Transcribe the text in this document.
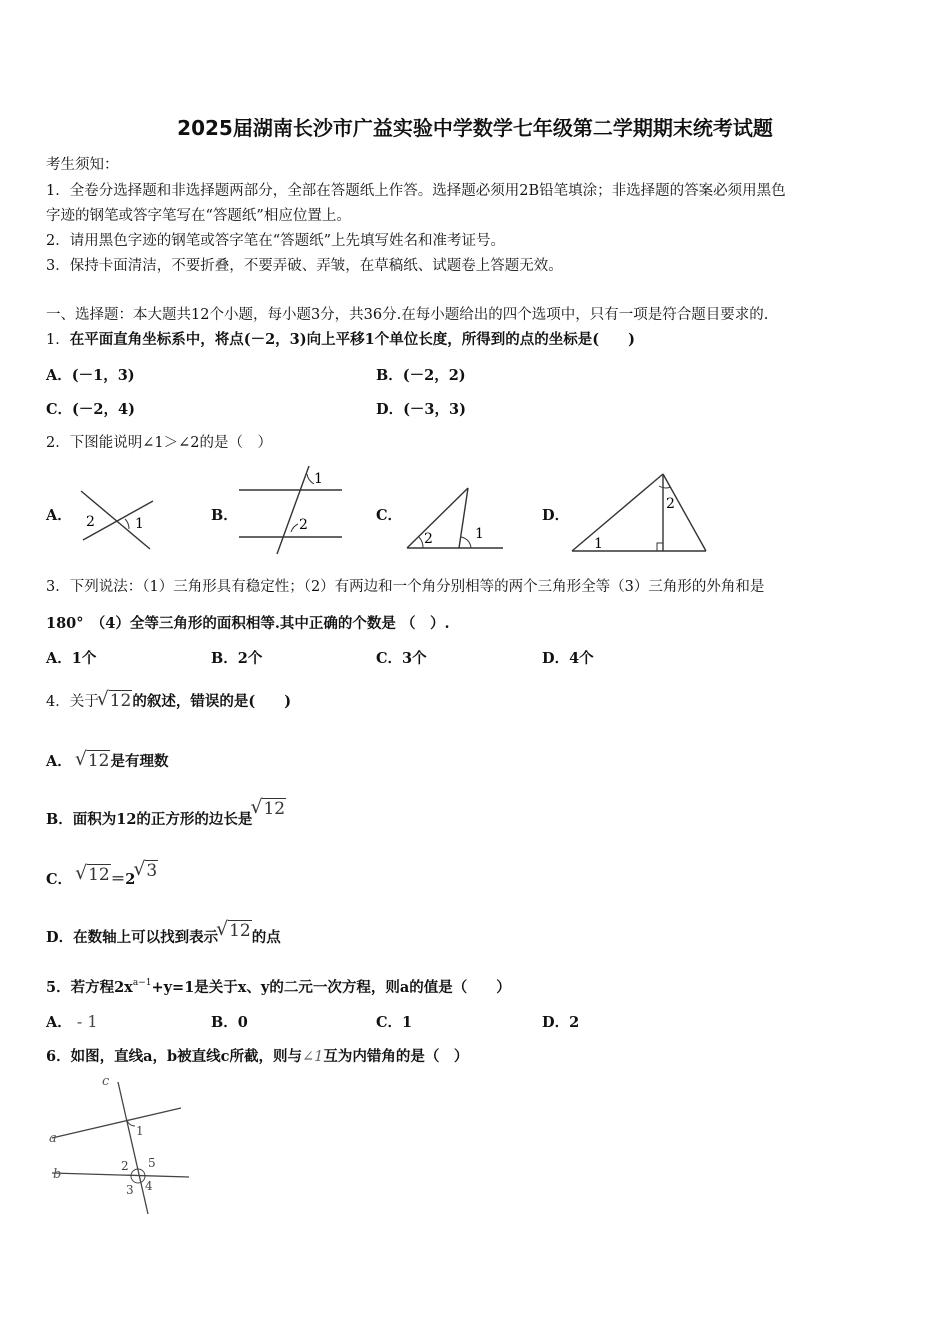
2025届湖南长沙市广益实验中学数学七年级第二学期期末统考试题
考生须知：
1．全卷分选择题和非选择题两部分，全部在答题纸上作答。选择题必须用2B铅笔填涂；非选择题的答案必须用黑色
字迹的钢笔或答字笔写在“答题纸”相应位置上。
2．请用黑色字迹的钢笔或答字笔在“答题纸”上先填写姓名和准考证号。
3．保持卡面清洁，不要折叠，不要弄破、弄皱，在草稿纸、试题卷上答题无效。
一、选择题：本大题共12个小题，每小题3分，共36分.在每小题给出的四个选项中，只有一项是符合题目要求的.
1．在平面直角坐标系中，将点(－2，3)向上平移1个单位长度，所得到的点的坐标是(　　)
A．(－1，3)	B．(－2，2)
C．(－2，4)	D．(－3，3)
2．下图能说明∠1＞∠2的是（　）
A．	B．	C．	D．
2	1
1
2
2	1
2
1
3．下列说法：（1）三角形具有稳定性；（2）有两边和一个角分别相等的两个三角形全等（3）三角形的外角和是
180°　（4）全等三角形的面积相等.其中正确的个数是 （　）.
A．1个	B．2个	C．3个	D．4个
4．关于 √ 12的叙述，错误的是(　　)
A． √ 12是有理数
B．面积为12的正方形的边长是√ 12
C． √ 12＝2 √ 3
D．在数轴上可以找到表示 √ 12的点
5．若方程$2x^{a-1}+y=1$是关于x、y的二元一次方程，则a的值是（　　）
A． - 1	B．0	C．1	D．2
6．如图，直线a，b被直线c所截，则与∠1互为内错角的是（　）
c
a
b
1
2 5
3 4
